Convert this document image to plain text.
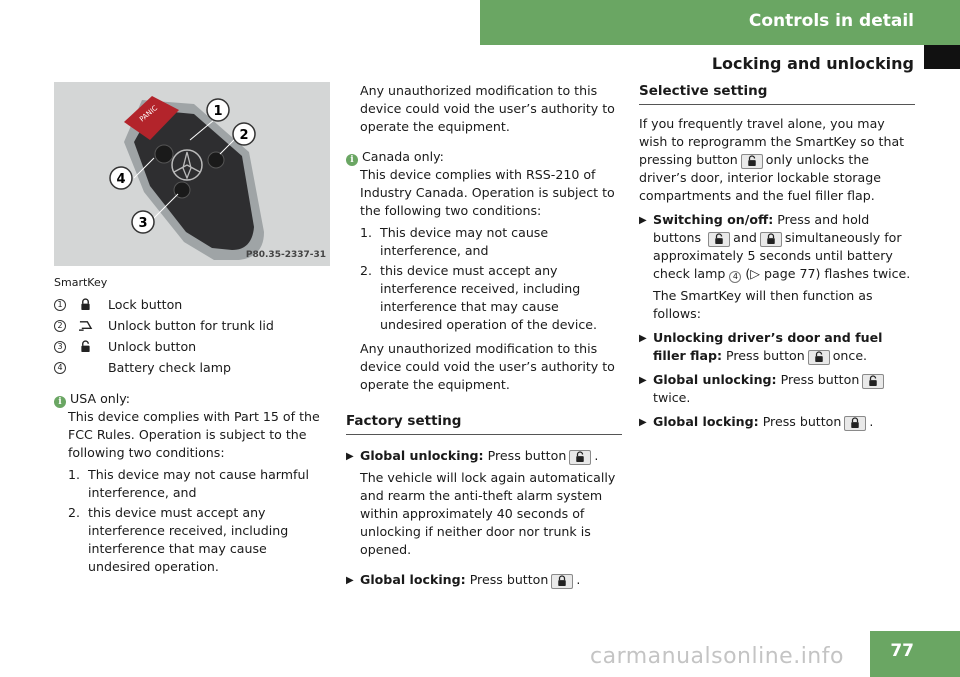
Controls in detail
Locking and unlocking
PANIC	1
2
3
4
P80.35-2337-31
SmartKey
1	Lock button
2	Unlock button for trunk lid
3	Unlock button
4	Battery check lamp
i USA only:
This device complies with Part 15 of the FCC Rules. Operation is subject to the following two conditions:
1. This device may not cause harmful interference, and
2. this device must accept any interference received, including interference that may cause undesired operation.
Any unauthorized modification to this device could void the user’s authority to operate the equipment.
i Canada only:
This device complies with RSS-210 of Industry Canada. Operation is subject to the following two conditions:
1. This device may not cause interference, and
2. this device must accept any interference received, including interference that may cause undesired operation of the device.
Any unauthorized modification to this device could void the user’s authority to operate the equipment.
Factory setting
▶ Global unlocking: Press button .
The vehicle will lock again automatically and rearm the anti-theft alarm system within approximately 40 seconds of unlocking if neither door nor trunk is opened.
▶ Global locking: Press button .
Selective setting
If you frequently travel alone, you may wish to reprogramm the SmartKey so that pressing button only unlocks the driver’s door, interior lockable storage compartments and the fuel filler flap.
▶ Switching on/off: Press and hold buttons	and simultaneously for approximately 5 seconds until battery check lamp 4 (▷ page 77) flashes twice.
The SmartKey will then function as follows:
▶ Unlocking driver’s door and fuel filler flap: Press button once.
▶ Global unlocking: Press button

twice.
▶ Global locking: Press button .
carmanualsonline.info	77
